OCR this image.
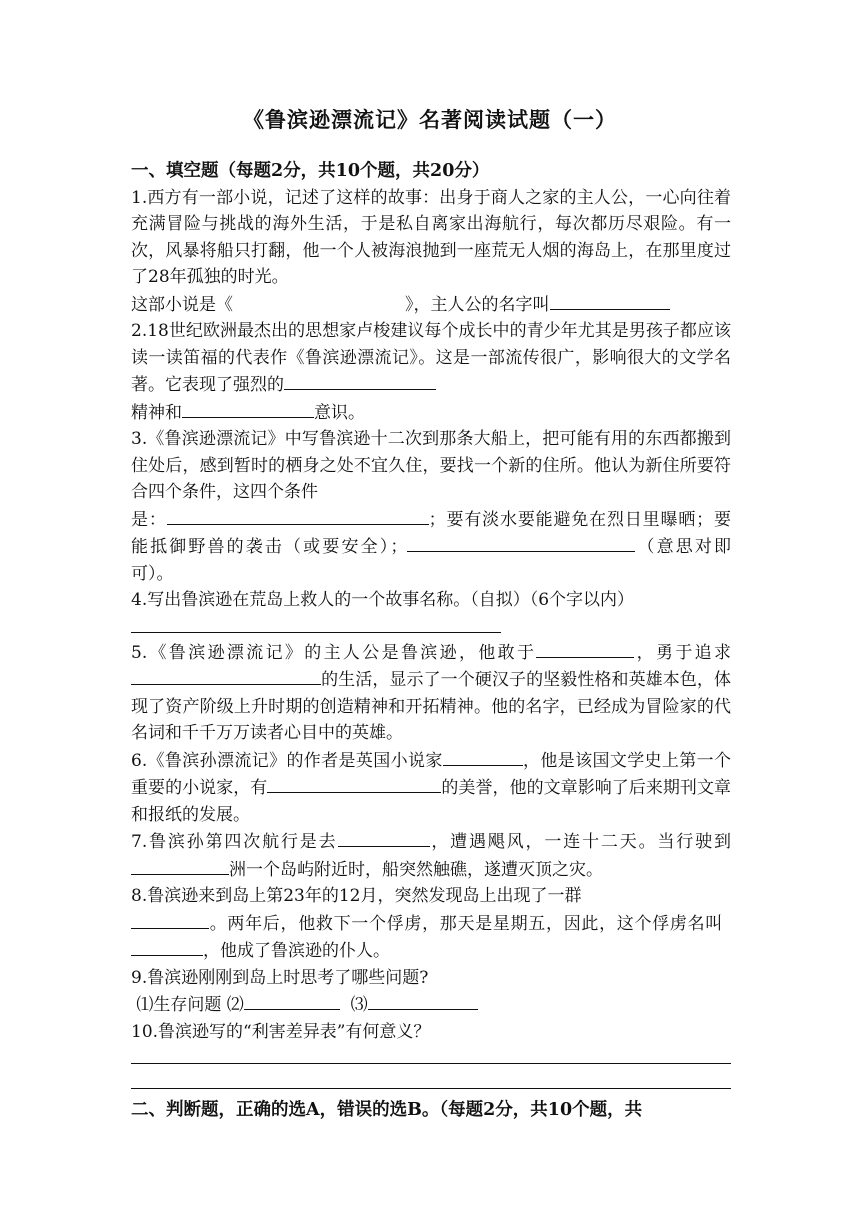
《鲁滨逊漂流记》名著阅读试题（一）

一、填空题（每题2分，共10个题，共20分）

1.西方有一部小说，记述了这样的故事：出身于商人之家的主人公，一心向往着充满冒险与挑战的海外生活，于是私自离家出海航行，每次都历尽艰险。有一次，风暴将船只打翻，他一个人被海浪抛到一座荒无人烟的海岛上，在那里度过了28年孤独的时光。

这部小说是《	》，主人公的名字叫

2.18世纪欧洲最杰出的思想家卢梭建议每个成长中的青少年尤其是男孩子都应该读一读笛福的代表作《鲁滨逊漂流记》。这是一部流传很广，影响很大的文学名著。它表现了强烈的
精神和	意识。

3.《鲁滨逊漂流记》中写鲁滨逊十二次到那条大船上，把可能有用的东西都搬到住处后，感到暂时的栖身之处不宜久住，要找一个新的住所。他认为新住所要符合四个条件，这四个条件
是：	；要有淡水要能避免在烈日里曝晒；要能抵御野兽的袭击（或要安全）；	（意思对即可）。

4.写出鲁滨逊在荒岛上救人的一个故事名称。（自拟）（6个字以内）

5.《鲁滨逊漂流记》的主人公是鲁滨逊，他敢于	，勇于追求的生活，显示了一个硬汉子的坚毅性格和英雄本色，体现了资产阶级上升时期的创造精神和开拓精神。他的名字，已经成为冒险家的代名词和千千万万读者心目中的英雄。

6.《鲁滨孙漂流记》的作者是英国小说家	，他是该国文学史上第一个重要的小说家，有	的美誉，他的文章影响了后来期刊文章和报纸的发展。

7.鲁滨孙第四次航行是去	，遭遇飓风，一连十二天。当行驶到洲一个岛屿附近时，船突然触礁，遂遭灭顶之灾。

8.鲁滨逊来到岛上第23年的12月，突然发现岛上出现了一群
。两年后，他救下一个俘虏，那天是星期五，因此，这个俘虏名叫，他成了鲁滨逊的仆人。

9.鲁滨逊刚刚到岛上时思考了哪些问题?

⑴生存问题 ⑵	⑶

10.鲁滨逊写的“利害差异表”有何意义？

二、判断题，正确的选A，错误的选B。（每题2分，共10个题，共
